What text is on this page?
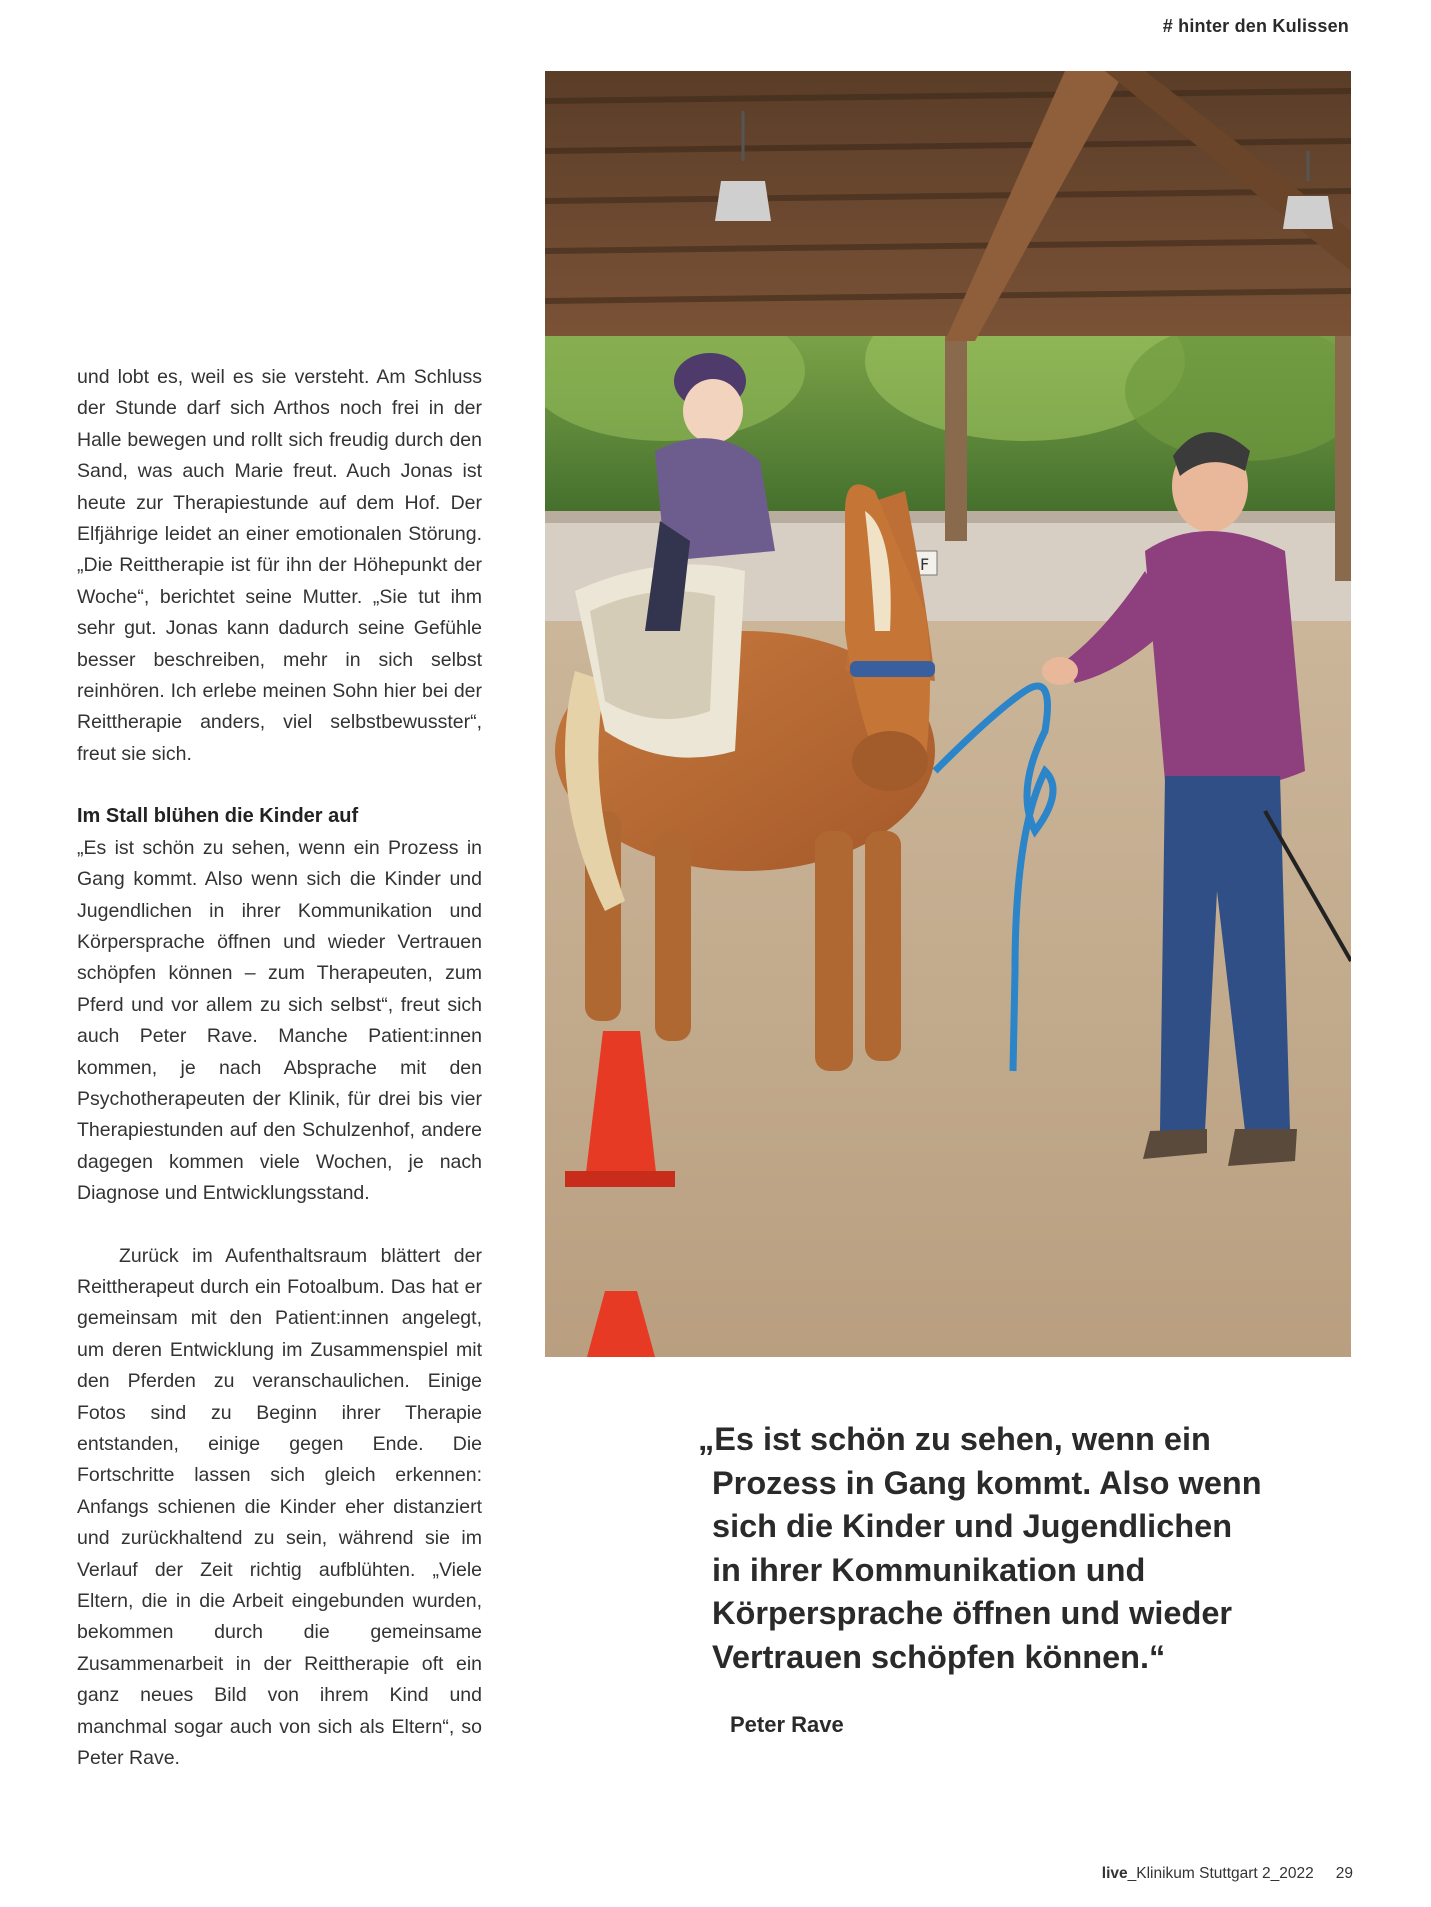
# hinter den Kulissen

und lobt es, weil es sie versteht. Am Schluss der Stunde darf sich Arthos noch frei in der Halle bewegen und rollt sich freudig durch den Sand, was auch Marie freut. Auch Jonas ist heute zur Therapiestunde auf dem Hof. Der Elfjährige leidet an einer emotionalen Störung. „Die Reittherapie ist für ihn der Höhepunkt der Woche“, berichtet seine Mutter. „Sie tut ihm sehr gut. Jonas kann dadurch seine Gefühle besser beschreiben, mehr in sich selbst reinhören. Ich erlebe meinen Sohn hier bei der Reittherapie anders, viel selbstbewusster“, freut sie sich.

Im Stall blühen die Kinder auf

„Es ist schön zu sehen, wenn ein Prozess in Gang kommt. Also wenn sich die Kinder und Jugendlichen in ihrer Kommunikation und Körpersprache öffnen und wieder Vertrauen schöpfen können – zum Therapeuten, zum Pferd und vor allem zu sich selbst“, freut sich auch Peter Rave. Manche Patient:innen kommen, je nach Absprache mit den Psychotherapeuten der Klinik, für drei bis vier Therapiestunden auf den Schulzenhof, andere dagegen kommen viele Wochen, je nach Diagnose und Entwicklungsstand.

Zurück im Aufenthaltsraum blättert der Reittherapeut durch ein Fotoalbum. Das hat er gemeinsam mit den Patient:innen angelegt, um deren Entwicklung im Zusammenspiel mit den Pferden zu veranschaulichen. Einige Fotos sind zu Beginn ihrer Therapie entstanden, einige gegen Ende. Die Fortschritte lassen sich gleich erkennen: Anfangs schienen die Kinder eher distanziert und zurückhaltend zu sein, während sie im Verlauf der Zeit richtig aufblühten. „Viele Eltern, die in die Arbeit eingebunden wurden, bekommen durch die gemeinsame Zusammenarbeit in der Reittherapie oft ein ganz neues Bild von ihrem Kind und manchmal sogar auch von sich als Eltern“, so Peter Rave.

F
„Es ist schön zu sehen, wenn ein
Prozess in Gang kommt. Also wenn
sich die Kinder und Jugendlichen
in ihrer Kommunikation und
Körpersprache öffnen und wieder
Vertrauen schöpfen können.“
Peter Rave
live_Klinikum Stuttgart 2_2022 29
